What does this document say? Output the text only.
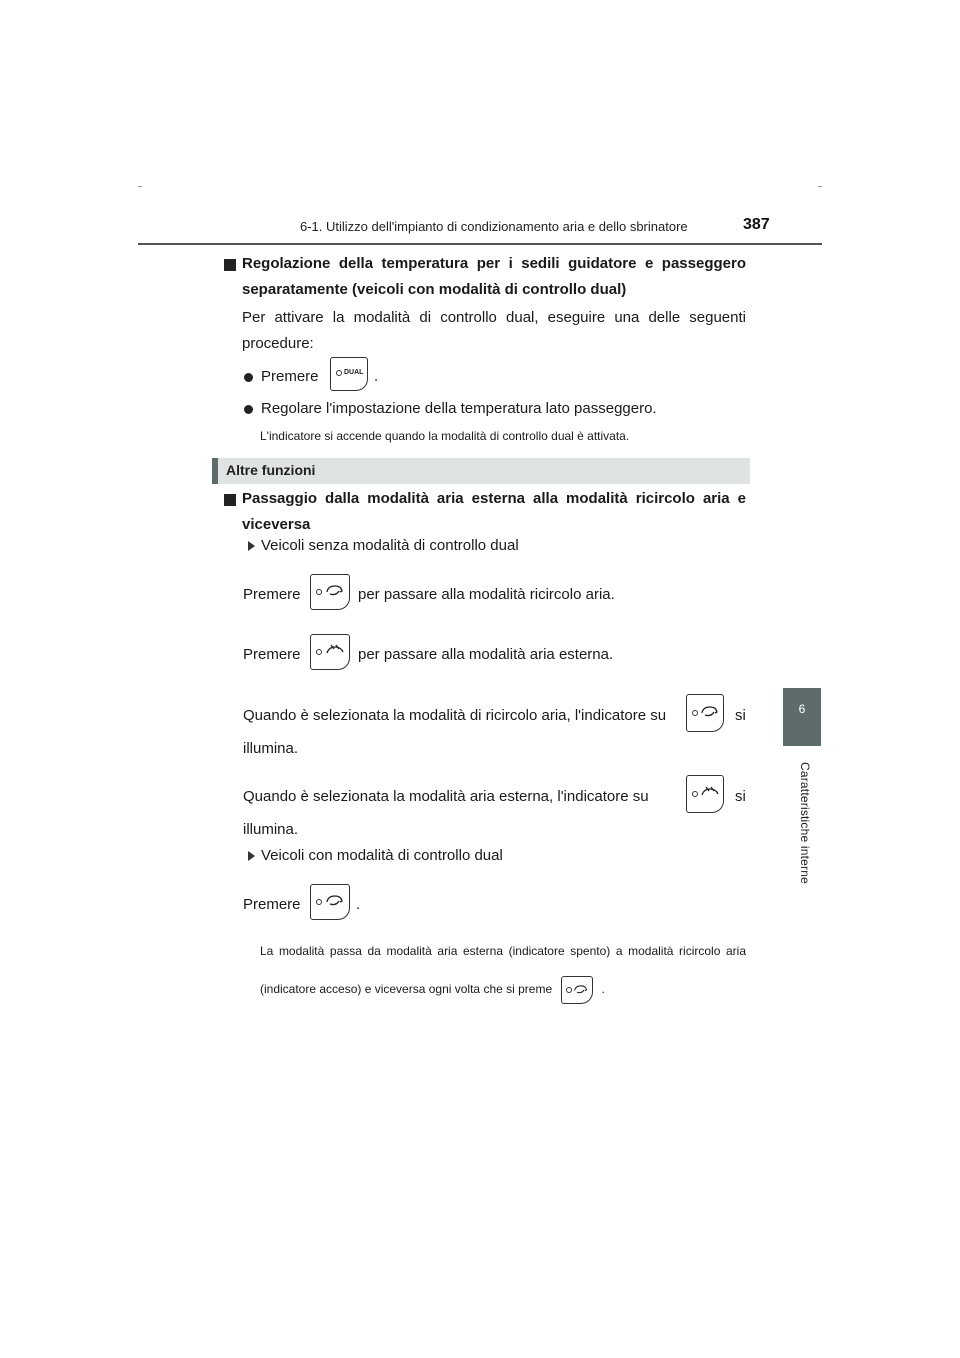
6-1. Utilizzo dell'impianto di condizionamento aria e dello sbrinatore	387
6
Caratteristiche interne
Regolazione della temperatura per i sedili guidatore e passeggero separatamente (veicoli con modalità di controllo dual)
Per attivare la modalità di controllo dual, eseguire una delle seguenti procedure:
Premere	DUAL .
Regolare l'impostazione della temperatura lato passeggero.
L'indicatore si accende quando la modalità di controllo dual è attivata.
Altre funzioni
Passaggio dalla modalità aria esterna alla modalità ricircolo aria e viceversa
Veicoli senza modalità di controllo dual
Premere	per passare alla modalità ricircolo aria.
Premere	per passare alla modalità aria esterna.
Quando è selezionata la modalità di ricircolo aria, l'indicatore su	si
illumina.
Quando è selezionata la modalità aria esterna, l'indicatore su	si
illumina.
Veicoli con modalità di controllo dual
Premere	.
La modalità passa da modalità aria esterna (indicatore spento) a modalità ricircolo aria (indicatore acceso) e viceversa ogni volta che si preme	.
